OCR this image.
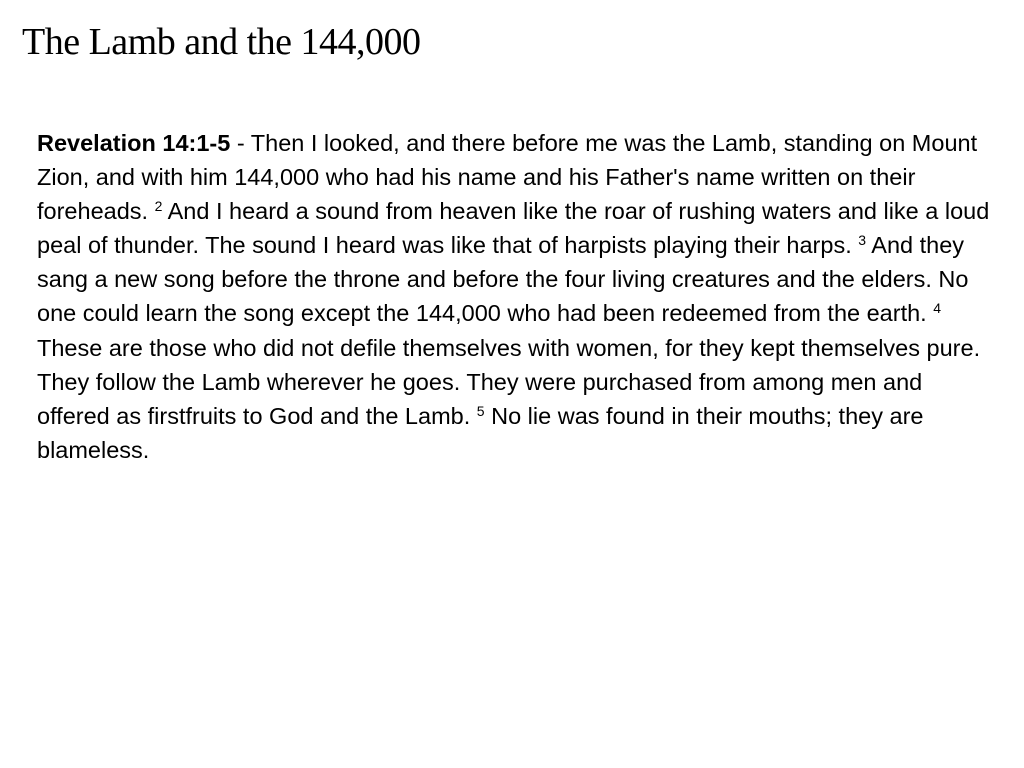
The Lamb and the 144,000

Revelation 14:1-5 - Then I looked, and there before me was the Lamb, standing on Mount Zion, and with him 144,000 who had his name and his Father's name written on their foreheads. $^2$ And I heard a sound from heaven like the roar of rushing waters and like a loud peal of thunder. The sound I heard was like that of harpists playing their harps. $^3$ And they sang a new song before the throne and before the four living creatures and the elders. No one could learn the song except the 144,000 who had been redeemed from the earth. $^4$ These are those who did not defile themselves with women, for they kept themselves pure. They follow the Lamb wherever he goes. They were purchased from among men and offered as firstfruits to God and the Lamb. $^5$ No lie was found in their mouths; they are blameless.
